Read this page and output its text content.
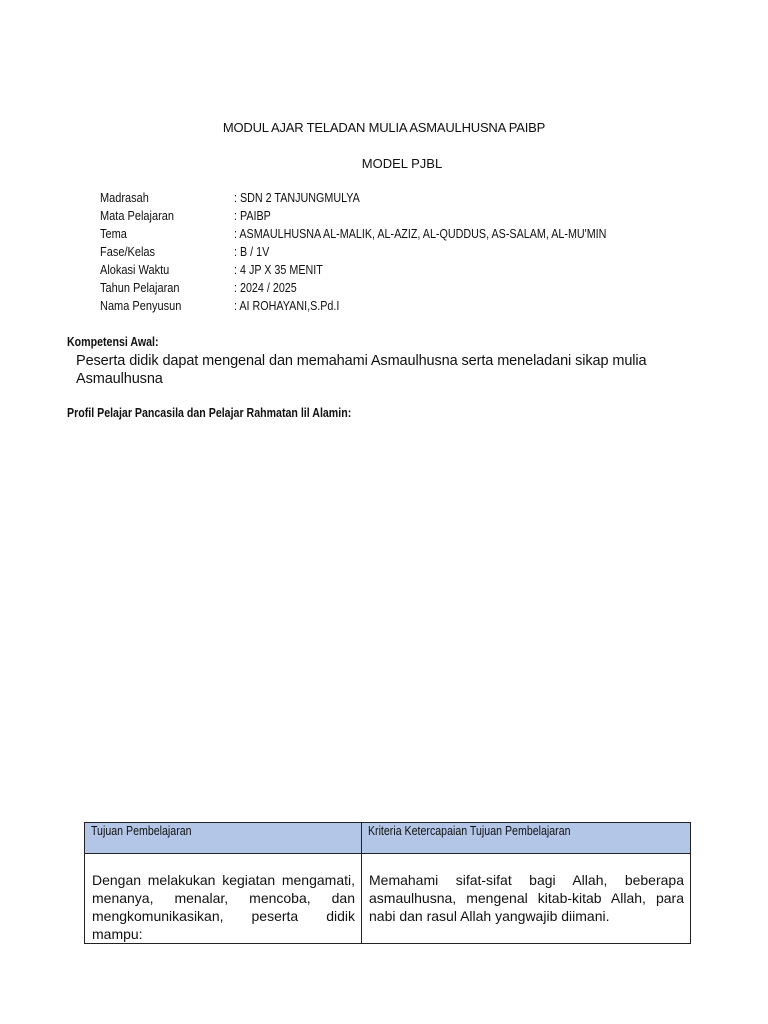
MODUL AJAR TELADAN MULIA ASMAULHUSNA PAIBP
MODEL PJBL
Madrasah	: SDN 2 TANJUNGMULYA
Mata Pelajaran	: PAIBP
Tema	: ASMAULHUSNA AL-MALIK, AL-AZIZ, AL-QUDDUS, AS-SALAM, AL-MU'MIN
Fase/Kelas	: B / 1V
Alokasi Waktu	: 4 JP X 35 MENIT
Tahun Pelajaran	: 2024 / 2025
Nama Penyusun	: AI ROHAYANI,S.Pd.I
Kompetensi Awal:
Peserta didik dapat mengenal dan memahami Asmaulhusna serta meneladani sikap mulia Asmaulhusna
Profil Pelajar Pancasila dan Pelajar Rahmatan lil Alamin:
Tujuan Pembelajaran	Kriteria Ketercapaian Tujuan Pembelajaran

Dengan melakukan kegiatan mengamati, menanya, menalar, mencoba, dan mengkomunikasikan, peserta didik mampu:	Memahami sifat-sifat bagi Allah, beberapa asmaulhusna, mengenal kitab-kitab Allah, para nabi dan rasul Allah yangwajib diimani.
